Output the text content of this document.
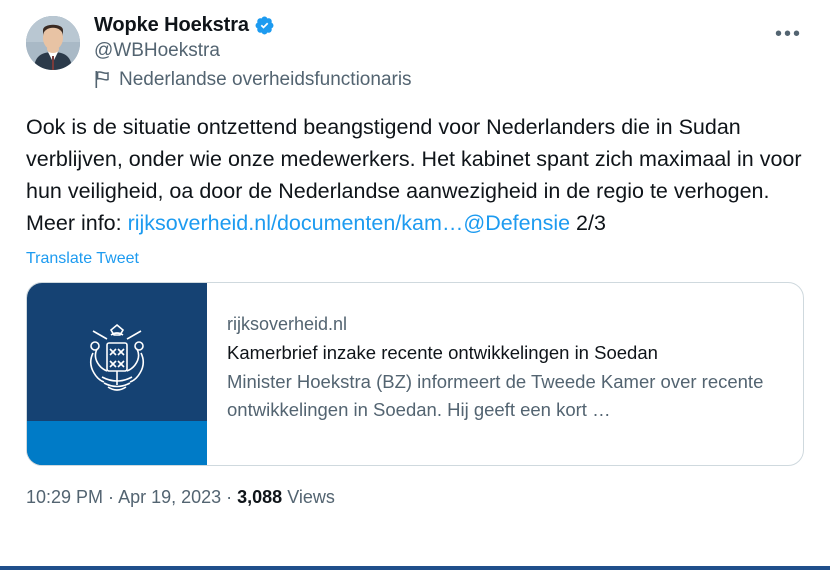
Wopke Hoekstra
@WBHoekstra
Nederlandse overheidsfunctionaris
•••
Ook is de situatie ontzettend beangstigend voor Nederlanders die in Sudan verblijven, onder wie onze medewerkers. Het kabinet spant zich maximaal in voor hun veiligheid, oa door de Nederlandse aanwezigheid in de regio te verhogen. Meer info: rijksoverheid.nl/documenten/kam…@Defensie 2/3
Translate Tweet
rijksoverheid.nl
Kamerbrief inzake recente ontwikkelingen in Soedan
Minister Hoekstra (BZ) informeert de Tweede Kamer over recente ontwikkelingen in Soedan. Hij geeft een kort …
10:29 PM · Apr 19, 2023 · 3,088 Views
